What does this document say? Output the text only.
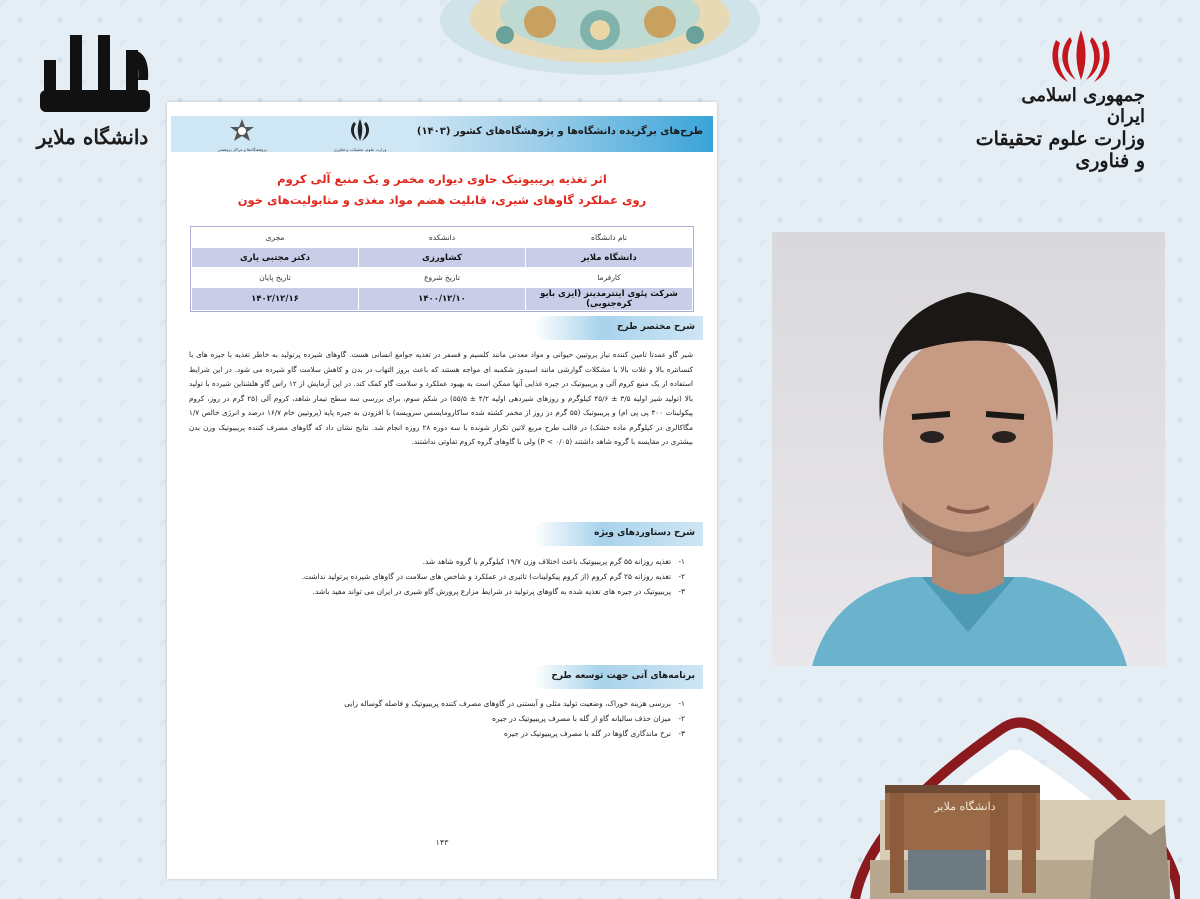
دانشگاه ملایر
جمهوری اسلامی ایران
وزارت علوم تحقیقات و فناوری
طرح‌های برگزیده دانشگاه‌ها و پژوهشگاه‌های کشور (۱۴۰۳)
وزارت علوم، تحقیقات و فناوری
پژوهشگاه‌ها و مراکز پژوهشی
اثر تغذیه پریبیوتیک حاوی دیواره مخمر و یک منبع آلی کروم
روی عملکرد گاوهای شیری، قابلیت هضم مواد مغذی و متابولیت‌های خون
نام دانشگاه	دانشکده	مجری
دانشگاه ملایر	کشاورزی	دکتر مجتبی یاری
کارفرما	تاریخ شروع	تاریخ پایان
شرکت پئوی اینترمدینز (ایزی بایو کره‌جنوبی)	۱۴۰۰/۱۲/۱۰	۱۴۰۲/۱۲/۱۶
شرح مختصر طرح
شیر گاو عمدتا تامین کننده نیاز پروتیین حیوانی و مواد معدنی مانند کلسیم و فسفر در تغذیه جوامع انسانی هست. گاوهای شیرده پرتولید به خاطر تغذیه با جیره های با کنسانتره بالا و غلات بالا با مشکلات گوارشی مانند اسیدوز شکمبه ای مواجه هستند که باعث بروز التهاب در بدن و کاهش سلامت گاو شیرده می شود. در این شرایط استفاده از یک منبع کروم آلی و پریبیوتیک در جیره غذایی آنها ممکن است به بهبود عملکرد و سلامت گاو کمک کند. در این آزمایش از ۱۲ راس گاو هلشتاین شیرده با تولید بالا (تولید شیر اولیه ۳/۵ ± ۴۵/۶ کیلوگرم و روزهای شیردهی اولیه ۴/۲ ± ۵۵/۵) در شکم سوم، برای بررسی سه سطح تیمار شاهد، کروم آلی (۲۵ گرم در روز، کروم پیکولینات ۴۰۰ پی پی ام) و پریبیوتیک (۵۵ گرم در روز از مخمر کشته شده ساکارومایسس سرویسه) با افزودن به جیره پایه (پروتیین خام ۱۶/۷ درصد و انرژی خالص ۱/۷ مگاکالری در کیلوگرم ماده خشک) در قالب طرح مربع لاتین تکرار شونده با سه دوره ۲۸ روزه انجام شد. نتایج نشان داد که گاوهای مصرف کننده پریبیوتیک وزن بدن بیشتری در مقایسه با گروه شاهد داشتند (۰/۰۵ > P) ولی با گاوهای گروه کروم تفاوتی نداشتند.
شرح دستاوردهای ویژه
۱-تغذیه روزانه ۵۵ گرم پریبیوتیک باعث اختلاف وزن ۱۹/۷ کیلوگرم با گروه شاهد شد.
۲-تغذیه روزانه ۲۵ گرم کروم (از کروم پیکولینات) تاثیری در عملکرد و شاخص های سلامت در گاوهای شیرده پرتولید نداشت.
۳-پریبیوتیک در جیره های تغذیه شده به گاوهای پرتولید در شرایط مزارع پرورش گاو شیری در ایران می تواند مفید باشد.
برنامه‌های آتی جهت توسعه طرح
۱-بررسی هزینه خوراک، وضعیت تولید مثلی و آبستنی در گاوهای مصرف کننده پریبیوتیک و فاصله گوساله زایی
۲-میزان حذف سالیانه گاو از گله با مصرف پریبیوتیک در جیره
۳-نرخ ماندگاری گاوها در گله با مصرف پریبیوتیک در جیره
۱۴۳
دانشگاه ملایر
